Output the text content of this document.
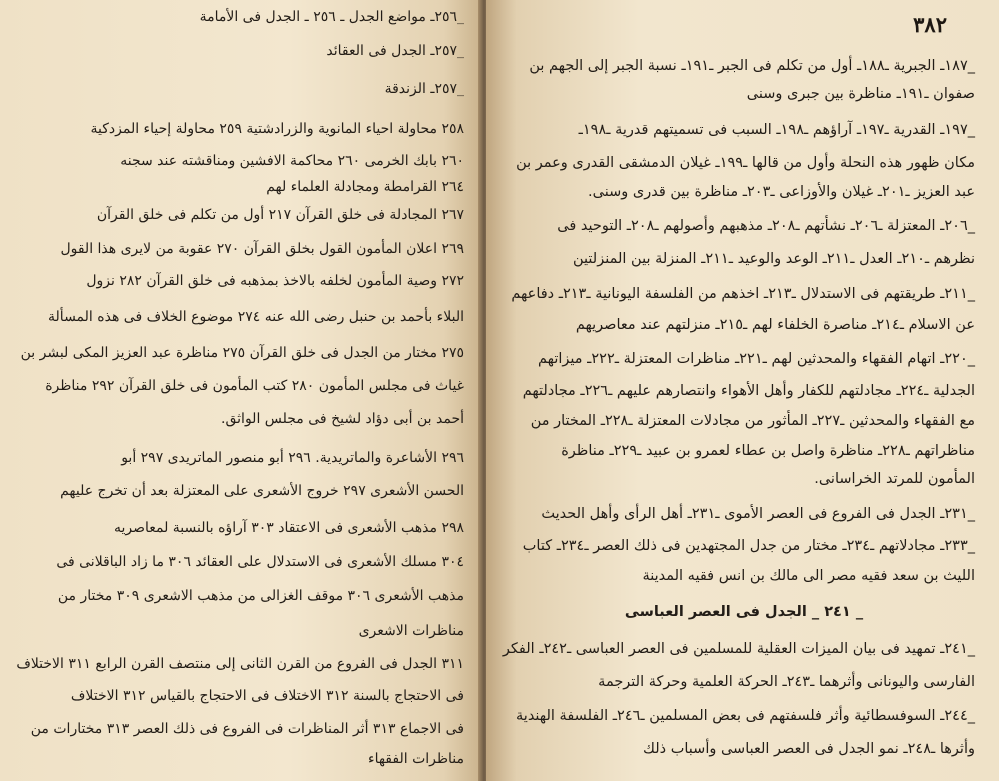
_٢٥٦ـ مواضع الجدل ـ ٢٥٦ ـ الجدل فى الأمامة
_٢٥٧ـ الجدل فى العقائد
_٢٥٧ـ الزندقة
٢٥٨ محاولة احياء المانوية والزرادشتية ٢٥٩ محاولة إحياء المزدكية
٢٦٠ بابك الخرمى ٢٦٠ محاكمة الافشين ومناقشته عند سجنه
٢٦٤ القرامطة ومجادلة العلماء لهم
٢٦٧ المجادلة فى خلق القرآن ٢١٧ أول من تكلم فى خلق القرآن
٢٦٩ اعلان المأمون القول بخلق القرآن ٢٧٠ عقوبة من لايرى هذا القول
٢٧٢ وصية المأمون لخلفه بالاخذ بمذهبه فى خلق القرآن ٢٨٢ نزول
البلاء بأحمد بن حنبل رضى الله عنه ٢٧٤ موضوع الخلاف فى هذه المسألة
٢٧٥ مختار من الجدل فى خلق القرآن ٢٧٥ مناظرة عبد العزيز المكى لبشر بن
غياث فى مجلس المأمون ٢٨٠ كتب المأمون فى خلق القرآن ٢٩٢ مناظرة
أحمد بن أبى دؤاد لشيخ فى مجلس الواثق.
٢٩٦ الأشاعرة والماتريدية. ٢٩٦ أبو منصور الماتريدى ٢٩٧ أبو
الحسن الأشعرى ٢٩٧ خروج الأشعرى على المعتزلة بعد أن تخرج عليهم
٢٩٨ مذهب الأشعرى فى الاعتقاد ٣٠٣ آراؤه بالنسبة لمعاصريه
٣٠٤ مسلك الأشعرى فى الاستدلال على العقائد ٣٠٦ ما زاد الباقلانى فى
مذهب الأشعرى ٣٠٦ موقف الغزالى من مذهب الاشعرى ٣٠٩ مختار من
مناظرات الاشعرى
٣١١ الجدل فى الفروع من القرن الثانى إلى منتصف القرن الرابع ٣١١ الاختلاف
فى الاحتجاج بالسنة ٣١٢ الاختلاف فى الاحتجاج بالقياس ٣١٢ الاختلاف
فى الاجماع ٣١٣ أثر المناظرات فى الفروع فى ذلك العصر ٣١٣ مختارات من
مناظرات الفقهاء
٣٨٢
_١٨٧ـ الجبرية ـ١٨٨ـ أول من تكلم فى الجبر ـ١٩١ـ نسبة الجبر إلى الجهم بن
صفوان ـ١٩١ـ مناظرة بين جبرى وسنى
_١٩٧ـ القدرية ـ١٩٧ـ آراؤهم ـ١٩٨ـ السبب فى تسميتهم قدرية ـ١٩٨ـ
مكان ظهور هذه النحلة وأول من قالها ـ١٩٩ـ غيلان الدمشقى القدرى وعمر بن
عبد العزيز ـ٢٠١ـ غيلان والأوزاعى ـ٢٠٣ـ مناظرة بين قدرى وسنى.
_٢٠٦ـ المعتزلة ـ٢٠٦ـ نشأتهم ـ٢٠٨ـ مذهبهم وأصولهم ـ٢٠٨ـ التوحيد فى
نظرهم ـ٢١٠ـ العدل ـ٢١١ـ الوعد والوعيد ـ٢١١ـ المنزلة بين المنزلتين
_٢١١ـ طريقتهم فى الاستدلال ـ٢١٣ـ اخذهم من الفلسفة اليونانية ـ٢١٣ـ دفاعهم
عن الاسلام ـ٢١٤ـ مناصرة الخلفاء لهم ـ٢١٥ـ منزلتهم عند معاصريهم
_٢٢٠ـ اتهام الفقهاء والمحدثين لهم ـ٢٢١ـ مناظرات المعتزلة ـ٢٢٢ـ ميزاتهم
الجدلية ـ٢٢٤ـ مجادلتهم للكفار وأهل الأهواء وانتصارهم عليهم ـ٢٢٦ـ مجادلتهم
مع الفقهاء والمحدثين ـ٢٢٧ـ المأثور من مجادلات المعتزلة ـ٢٢٨ـ المختار من
مناظراتهم ـ٢٢٨ـ مناظرة واصل بن عطاء لعمرو بن عبيد ـ٢٢٩ـ مناظرة
المأمون للمرتد الخراسانى.
_٢٣١ـ الجدل فى الفروع فى العصر الأموى ـ٢٣١ـ أهل الرأى وأهل الحديث
_٢٣٣ـ مجادلاتهم ـ٢٣٤ـ مختار من جدل المجتهدين فى ذلك العصر ـ٢٣٤ـ كتاب
الليث بن سعد فقيه مصر الى مالك بن انس فقيه المدينة
_ ٢٤١ _ الجدل فى العصر العباسى
_٢٤١ـ تمهيد فى بيان الميزات العقلية للمسلمين فى العصر العباسى ـ٢٤٢ـ الفكر
الفارسى واليونانى وأثرهما ـ٢٤٣ـ الحركة العلمية وحركة الترجمة
_٢٤٤ـ السوفسطائية وأثر فلسفتهم فى بعض المسلمين ـ٢٤٦ـ الفلسفة الهندية
وأثرها ـ٢٤٨ـ نمو الجدل فى العصر العباسى وأسباب ذلك
